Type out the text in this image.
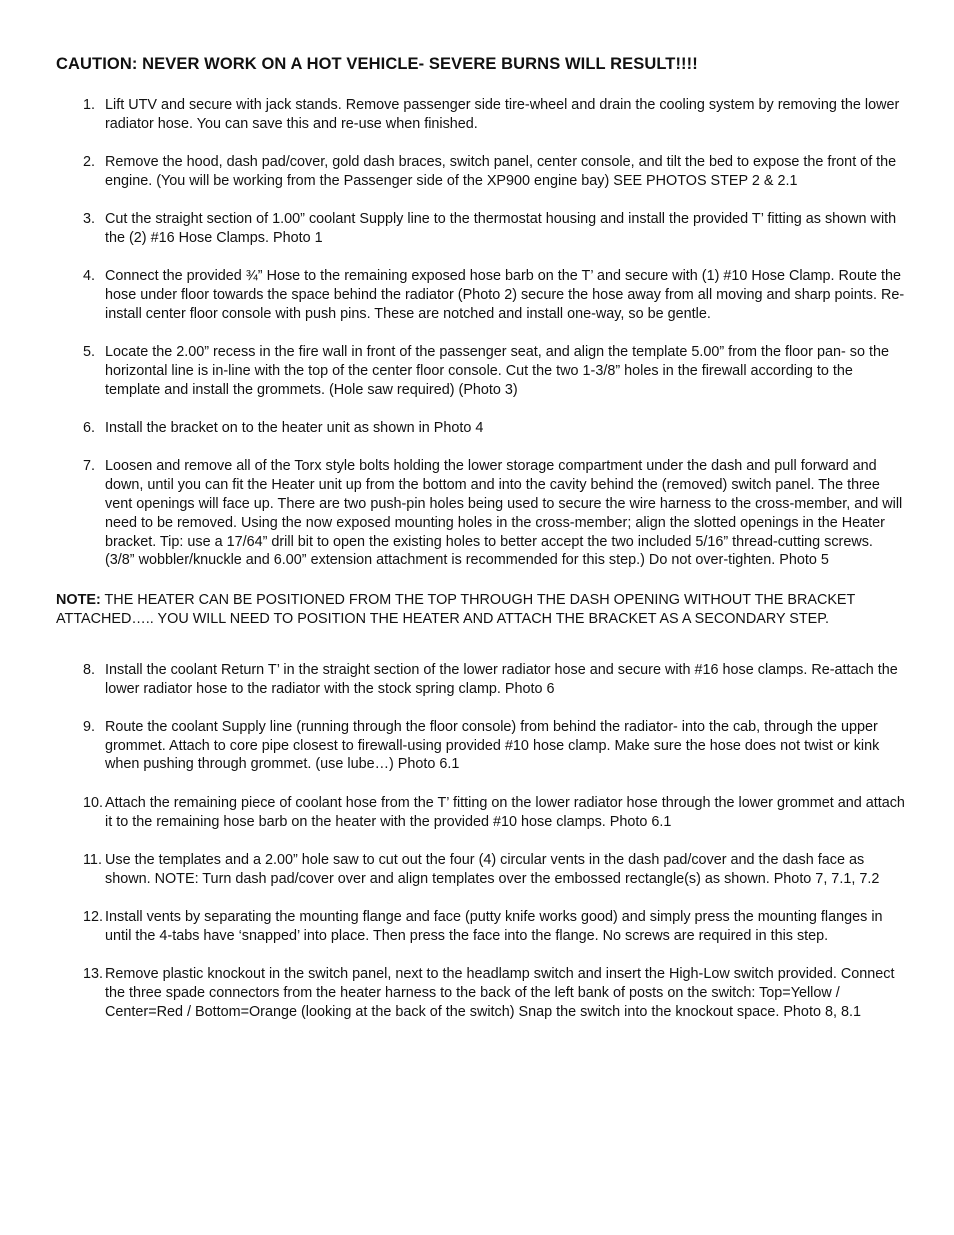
CAUTION: NEVER WORK ON A HOT VEHICLE- SEVERE BURNS WILL RESULT!!!!
1. Lift UTV and secure with jack stands. Remove passenger side tire-wheel and drain the cooling system by removing the lower radiator hose. You can save this and re-use when finished.
2. Remove the hood, dash pad/cover, gold dash braces, switch panel, center console, and tilt the bed to expose the front of the engine. (You will be working from the Passenger side of the XP900 engine bay) SEE PHOTOS STEP 2 & 2.1
3. Cut the straight section of 1.00” coolant Supply line to the thermostat housing and install the provided T’ fitting as shown with the (2) #16 Hose Clamps. Photo 1
4. Connect the provided ¾” Hose to the remaining exposed hose barb on the T’ and secure with (1) #10 Hose Clamp. Route the hose under floor towards the space behind the radiator (Photo 2) secure the hose away from all moving and sharp points. Re-install center floor console with push pins. These are notched and install one-way, so be gentle.
5. Locate the 2.00” recess in the fire wall in front of the passenger seat, and align the template 5.00” from the floor pan- so the horizontal line is in-line with the top of the center floor console. Cut the two 1-3/8” holes in the firewall according to the template and install the grommets. (Hole saw required) (Photo 3)
6. Install the bracket on to the heater unit as shown in Photo 4
7. Loosen and remove all of the Torx style bolts holding the lower storage compartment under the dash and pull forward and down, until you can fit the Heater unit up from the bottom and into the cavity behind the (removed) switch panel. The three vent openings will face up. There are two push-pin holes being used to secure the wire harness to the cross-member, and will need to be removed. Using the now exposed mounting holes in the cross-member; align the slotted openings in the Heater bracket. Tip: use a 17/64” drill bit to open the existing holes to better accept the two included 5/16” thread-cutting screws. (3/8” wobbler/knuckle and 6.00” extension attachment is recommended for this step.) Do not over-tighten. Photo 5

NOTE: THE HEATER CAN BE POSITIONED FROM THE TOP THROUGH THE DASH OPENING WITHOUT THE BRACKET ATTACHED….. YOU WILL NEED TO POSITION THE HEATER AND ATTACH THE BRACKET AS A SECONDARY STEP.

8. Install the coolant Return T’ in the straight section of the lower radiator hose and secure with #16 hose clamps. Re-attach the lower radiator hose to the radiator with the stock spring clamp. Photo 6
9. Route the coolant Supply line (running through the floor console) from behind the radiator- into the cab, through the upper grommet. Attach to core pipe closest to firewall-using provided #10 hose clamp. Make sure the hose does not twist or kink when pushing through grommet. (use lube…) Photo 6.1
10. Attach the remaining piece of coolant hose from the T’ fitting on the lower radiator hose through the lower grommet and attach it to the remaining hose barb on the heater with the provided #10 hose clamps. Photo 6.1
11. Use the templates and a 2.00” hole saw to cut out the four (4) circular vents in the dash pad/cover and the dash face as shown. NOTE: Turn dash pad/cover over and align templates over the embossed rectangle(s) as shown. Photo 7, 7.1, 7.2
12. Install vents by separating the mounting flange and face (putty knife works good) and simply press the mounting flanges in until the 4-tabs have ‘snapped’ into place. Then press the face into the flange. No screws are required in this step.
13. Remove plastic knockout in the switch panel, next to the headlamp switch and insert the High-Low switch provided. Connect the three spade connectors from the heater harness to the back of the left bank of posts on the switch: Top=Yellow / Center=Red / Bottom=Orange (looking at the back of the switch) Snap the switch into the knockout space. Photo 8, 8.1
